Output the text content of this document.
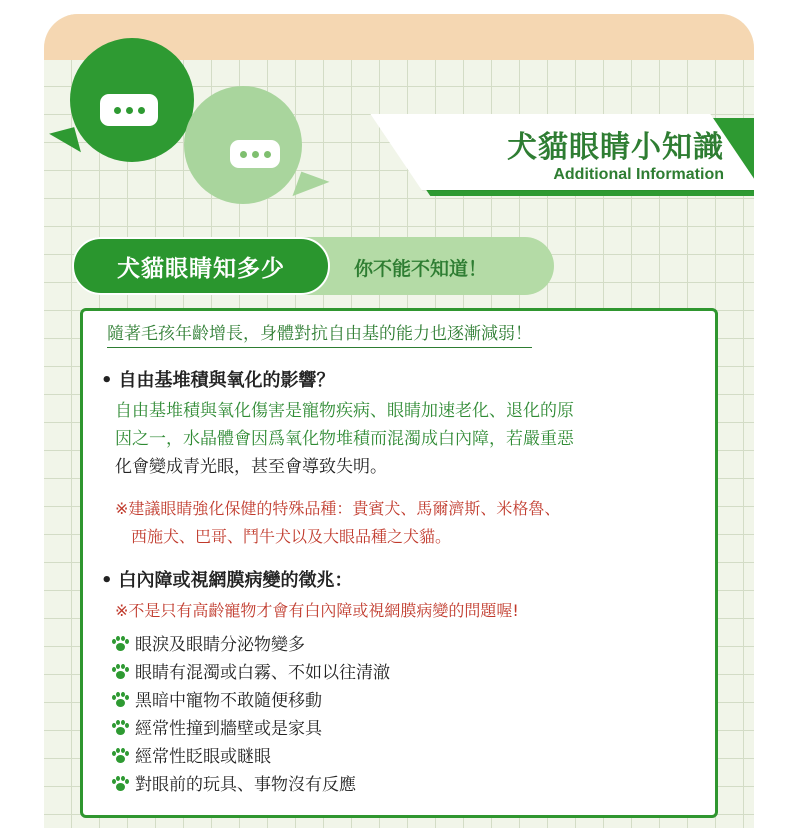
犬貓眼睛小知識
Additional Information
犬貓眼睛知多少	你不能不知道！
隨著毛孩年齡增長，身體對抗自由基的能力也逐漸減弱！
• 自由基堆積與氧化的影響？
自由基堆積與氧化傷害是寵物疾病、眼睛加速老化、退化的原
因之一，水晶體會因爲氧化物堆積而混濁成白內障，若嚴重惡
化會變成青光眼，甚至會導致失明。
※建議眼睛強化保健的特殊品種：貴賓犬、馬爾濟斯、米格魯、
西施犬、巴哥、鬥牛犬以及大眼品種之犬貓。
• 白內障或視網膜病變的徵兆：
※不是只有高齡寵物才會有白內障或視網膜病變的問題喔!
眼淚及眼睛分泌物變多
眼睛有混濁或白霧、不如以往清澈
黑暗中寵物不敢隨便移動
經常性撞到牆壁或是家具
經常性眨眼或瞇眼
對眼前的玩具、事物沒有反應
